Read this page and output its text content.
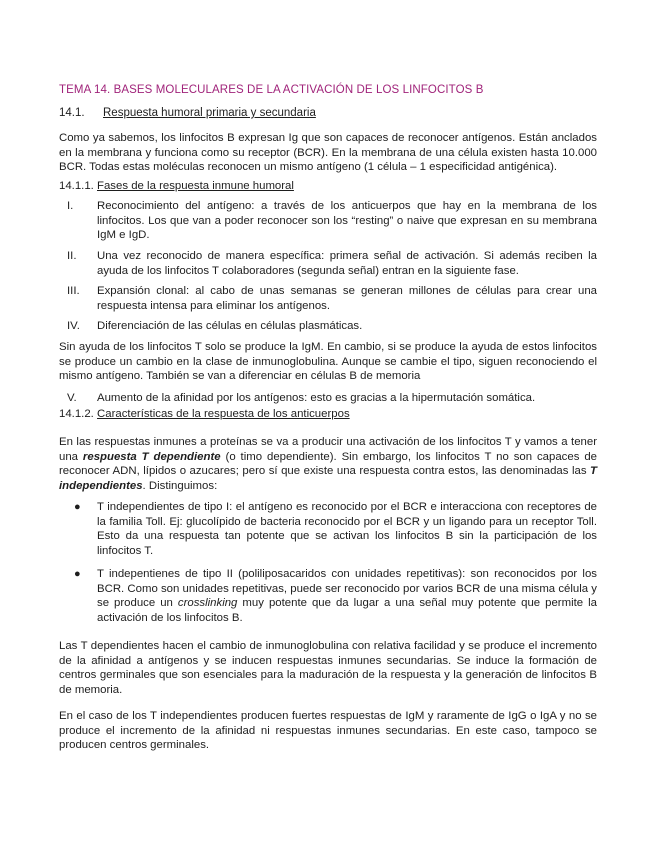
TEMA 14. BASES MOLECULARES DE LA ACTIVACIÓN DE LOS LINFOCITOS B
14.1. Respuesta humoral primaria y secundaria
Como ya sabemos, los linfocitos B expresan Ig que son capaces de reconocer antígenos. Están anclados en la membrana y funciona como su receptor (BCR). En la membrana de una célula existen hasta 10.000 BCR. Todas estas moléculas reconocen un mismo antígeno (1 célula – 1 especificidad antigénica).
14.1.1. Fases de la respuesta inmune humoral
I.	Reconocimiento del antígeno: a través de los anticuerpos que hay en la membrana de los linfocitos. Los que van a poder reconocer son los “resting” o naive que expresan en su membrana IgM e IgD.
II.	Una vez reconocido de manera específica: primera señal de activación. Si además reciben la ayuda de los linfocitos T colaboradores (segunda señal) entran en la siguiente fase.
III.	Expansión clonal: al cabo de unas semanas se generan millones de células para crear una respuesta intensa para eliminar los antígenos.
IV.	Diferenciación de las células en células plasmáticas.
Sin ayuda de los linfocitos T solo se produce la IgM. En cambio, si se produce la ayuda de estos linfocitos se produce un cambio en la clase de inmunoglobulina. Aunque se cambie el tipo, siguen reconociendo el mismo antígeno. También se van a diferenciar en células B de memoria
V.	Aumento de la afinidad por los antígenos: esto es gracias a la hipermutación somática.
14.1.2. Características de la respuesta de los anticuerpos
En las respuestas inmunes a proteínas se va a producir una activación de los linfocitos T y vamos a tener una respuesta T dependiente (o timo dependiente). Sin embargo, los linfocitos T no son capaces de reconocer ADN, lípidos o azucares; pero sí que existe una respuesta contra estos, las denominadas las T independientes. Distinguimos:
● T independientes de tipo I: el antígeno es reconocido por el BCR e interacciona con receptores de la familia Toll. Ej: glucolípido de bacteria reconocido por el BCR y un ligando para un receptor Toll. Esto da una respuesta tan potente que se activan los linfocitos B sin la participación de los linfocitos T.
● T indepentienes de tipo II (poliliposacaridos con unidades repetitivas): son reconocidos por los BCR. Como son unidades repetitivas, puede ser reconocido por varios BCR de una misma célula y se produce un crosslinking muy potente que da lugar a una señal muy potente que permite la activación de los linfocitos B.
Las T dependientes hacen el cambio de inmunoglobulina con relativa facilidad y se produce el incremento de la afinidad a antígenos y se inducen respuestas inmunes secundarias. Se induce la formación de centros germinales que son esenciales para la maduración de la respuesta y la generación de linfocitos B de memoria.
En el caso de los T independientes producen fuertes respuestas de IgM y raramente de IgG o IgA y no se produce el incremento de la afinidad ni respuestas inmunes secundarias. En este caso, tampoco se producen centros germinales.
